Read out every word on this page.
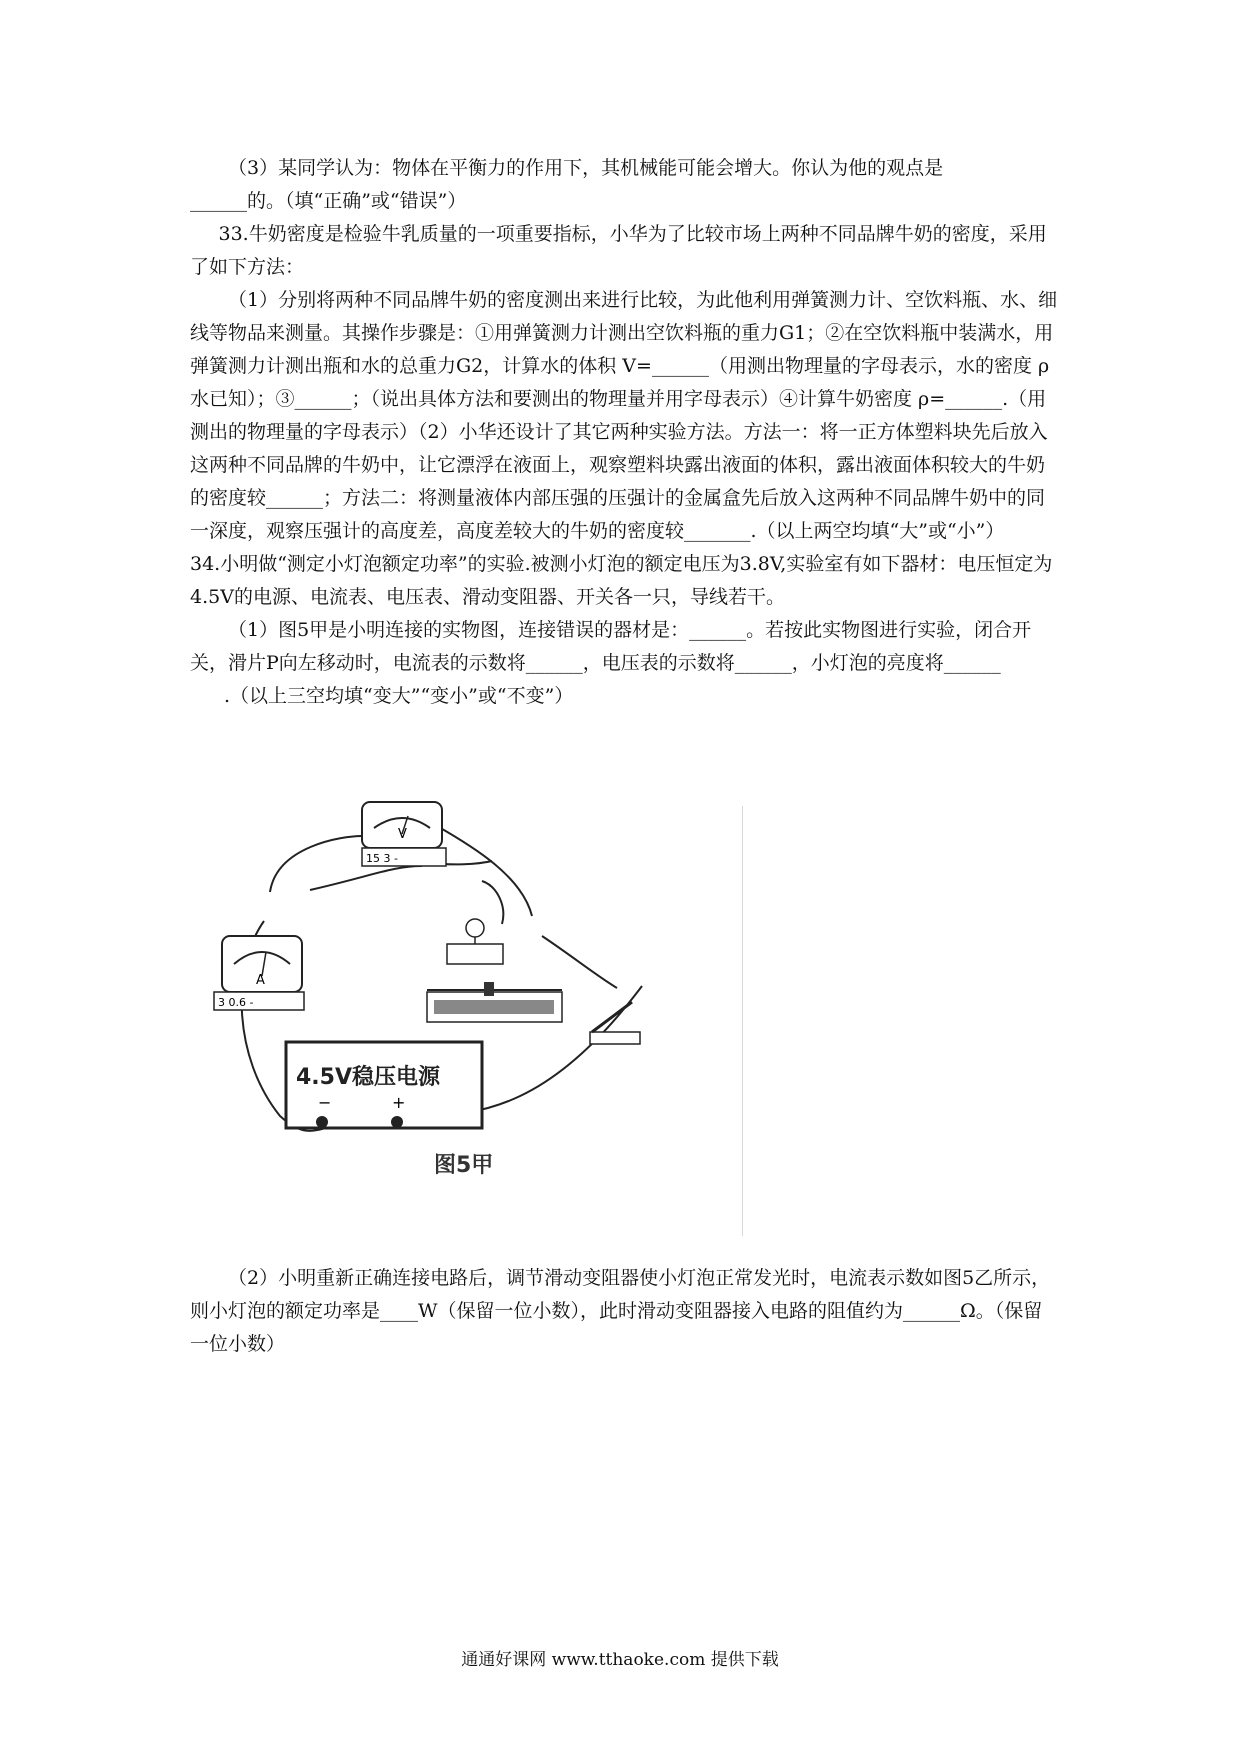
（3）某同学认为：物体在平衡力的作用下，其机械能可能会增大。你认为他的观点是

______的。（填“正确”或“错误”）

33.牛奶密度是检验牛乳质量的一项重要指标，小华为了比较市场上两种不同品牌牛奶的密度，采用了如下方法：

（1）分别将两种不同品牌牛奶的密度测出来进行比较，为此他利用弹簧测力计、空饮料瓶、水、细线等物品来测量。其操作步骤是：①用弹簧测力计测出空饮料瓶的重力G1；②在空饮料瓶中装满水，用弹簧测力计测出瓶和水的总重力G2，计算水的体积 V=______（用测出物理量的字母表示，水的密度 ρ 水已知）；③______；（说出具体方法和要测出的物理量并用字母表示）④计算牛奶密度 ρ=______.（用测出的物理量的字母表示）（2）小华还设计了其它两种实验方法。方法一：将一正方体塑料块先后放入这两种不同品牌的牛奶中，让它漂浮在液面上，观察塑料块露出液面的体积，露出液面体积较大的牛奶的密度较______；方法二：将测量液体内部压强的压强计的金属盒先后放入这两种不同品牌牛奶中的同一深度，观察压强计的高度差，高度差较大的牛奶的密度较_______.（以上两空均填“大”或“小”）

34.小明做“测定小灯泡额定功率”的实验.被测小灯泡的额定电压为3.8V,实验室有如下器材：电压恒定为4.5V的电源、电流表、电压表、滑动变阻器、开关各一只，导线若干。

（1）图5甲是小明连接的实物图，连接错误的器材是：______。若按此实物图进行实验，闭合开关，滑片P向左移动时，电流表的示数将______，电压表的示数将______，小灯泡的亮度将______

.（以上三空均填“变大”“变小”或“不变”）

V
15 3 -
A
3 0.6 -
4.5V稳压电源
−	+
图5甲

（2）小明重新正确连接电路后，调节滑动变阻器使小灯泡正常发光时，电流表示数如图5乙所示，则小灯泡的额定功率是____W（保留一位小数），此时滑动变阻器接入电路的阻值约为______Ω。（保留一位小数）

通通好课网 www.tthaoke.com 提供下载
